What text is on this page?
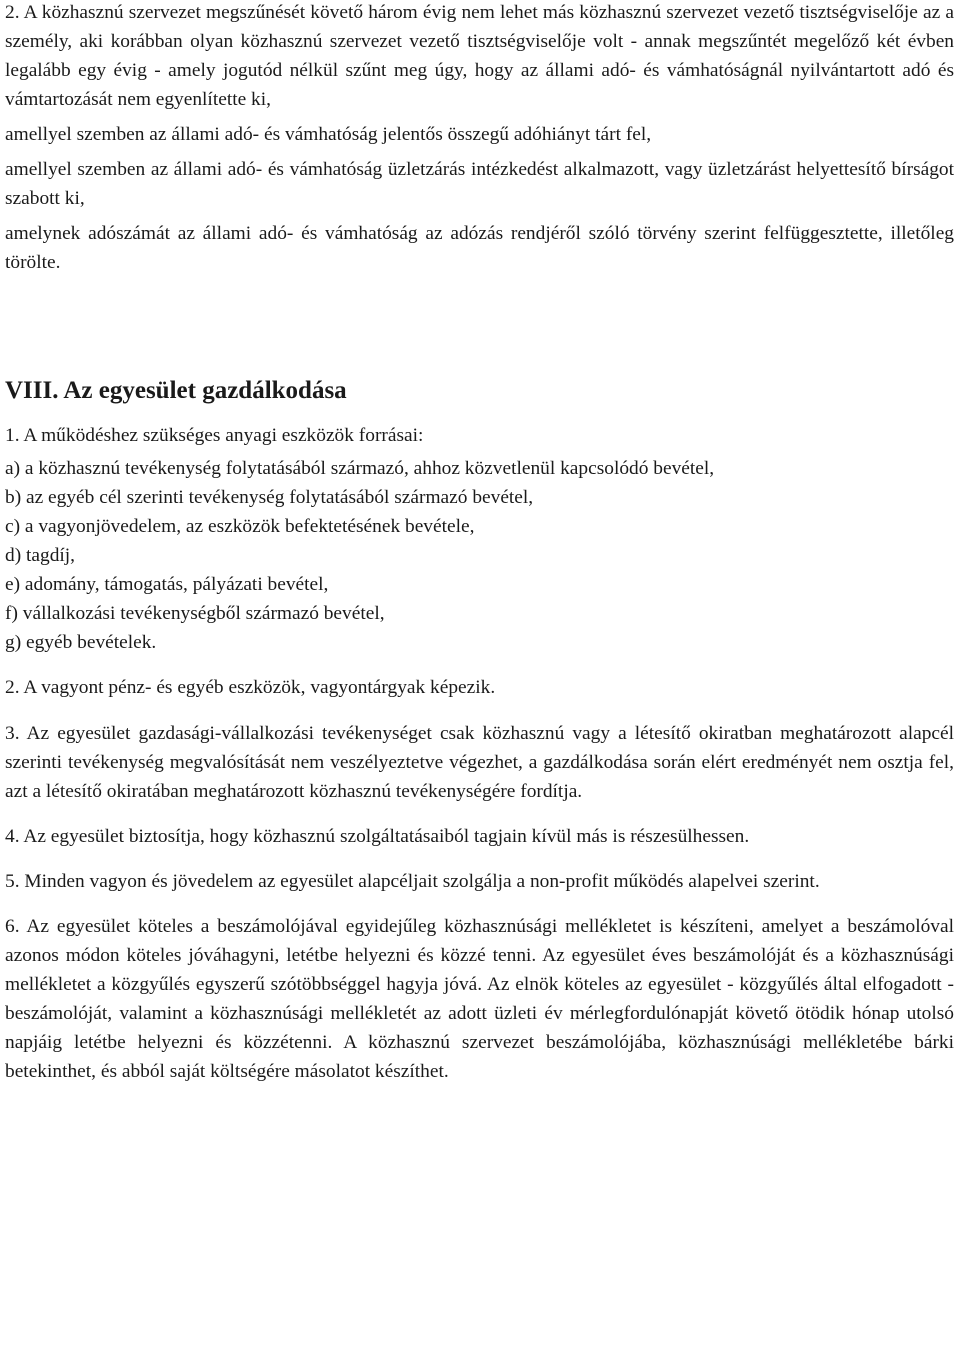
2. A közhasznú szervezet megszűnését követő három évig nem lehet más közhasznú szervezet vezető tisztségviselője az a személy, aki korábban olyan közhasznú szervezet vezető tisztségviselője volt - annak megszűntét megelőző két évben legalább egy évig - amely jogutód nélkül szűnt meg úgy, hogy az állami adó- és vámhatóságnál nyilvántartott adó és vámtartozását nem egyenlítette ki,

amellyel szemben az állami adó- és vámhatóság jelentős összegű adóhiányt tárt fel,

amellyel szemben az állami adó- és vámhatóság üzletzárás intézkedést alkalmazott, vagy üzletzárást helyettesítő bírságot szabott ki,

amelynek adószámát az állami adó- és vámhatóság az adózás rendjéről szóló törvény szerint felfüggesztette, illetőleg törölte.

VIII. Az egyesület gazdálkodása

1. A működéshez szükséges anyagi eszközök forrásai:

a) a közhasznú tevékenység folytatásából származó, ahhoz közvetlenül kapcsolódó bevétel,

b) az egyéb cél szerinti tevékenység folytatásából származó bevétel,

c) a vagyonjövedelem, az eszközök befektetésének bevétele,

d) tagdíj,

e) adomány, támogatás, pályázati bevétel,

f) vállalkozási tevékenységből származó bevétel,

g) egyéb bevételek.

2. A vagyont pénz- és egyéb eszközök, vagyontárgyak képezik.

3. Az egyesület gazdasági-vállalkozási tevékenységet csak közhasznú vagy a létesítő okiratban meghatározott alapcél szerinti tevékenység megvalósítását nem veszélyeztetve végezhet, a gazdálkodása során elért eredményét nem osztja fel, azt a létesítő okiratában meghatározott közhasznú tevékenységére fordítja.

4. Az egyesület biztosítja, hogy közhasznú szolgáltatásaiból tagjain kívül más is részesülhessen.

5. Minden vagyon és jövedelem az egyesület alapcéljait szolgálja a non-profit működés alapelvei szerint.

6. Az egyesület köteles a beszámolójával egyidejűleg közhasznúsági mellékletet is készíteni, amelyet a beszámolóval azonos módon köteles jóváhagyni, letétbe helyezni és közzé tenni. Az egyesület éves beszámolóját és a közhasznúsági mellékletet a közgyűlés egyszerű szótöbbséggel hagyja jóvá. Az elnök köteles az egyesület - közgyűlés által elfogadott - beszámolóját, valamint a közhasznúsági mellékletét az adott üzleti év mérlegfordulónapját követő ötödik hónap utolsó napjáig letétbe helyezni és közzétenni. A közhasznú szervezet beszámolójába, közhasznúsági mellékletébe bárki betekinthet, és abból saját költségére másolatot készíthet.
